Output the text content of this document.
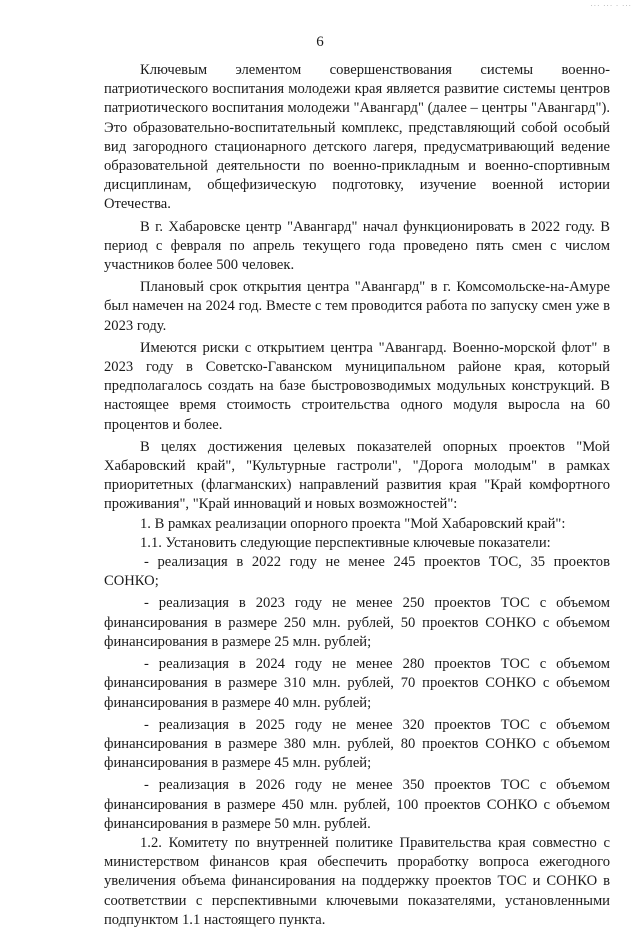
··· ··· · ···
6

Ключевым элементом совершенствования системы военно-патриотического воспитания молодежи края является развитие системы центров патриотического воспитания молодежи "Авангард" (далее – центры "Авангард"). Это образовательно-воспитательный комплекс, представляющий собой особый вид загородного стационарного детского лагеря, предусматривающий ведение образовательной деятельности по военно-прикладным и военно-спортивным дисциплинам, общефизическую подготовку, изучение военной истории Отечества.

В г. Хабаровске центр "Авангард" начал функционировать в 2022 году. В период с февраля по апрель текущего года проведено пять смен с числом участников более 500 человек.

Плановый срок открытия центра "Авангард" в г. Комсомольске-на-Амуре был намечен на 2024 год. Вместе с тем проводится работа по запуску смен уже в 2023 году.

Имеются риски с открытием центра "Авангард. Военно-морской флот" в 2023 году в Советско-Гаванском муниципальном районе края, который предполагалось создать на базе быстровозводимых модульных конструкций. В настоящее время стоимость строительства одного модуля выросла на 60 процентов и более.

В целях достижения целевых показателей опорных проектов "Мой Хабаровский край", "Культурные гастроли", "Дорога молодым" в рамках приоритетных (флагманских) направлений развития края "Край комфортного проживания", "Край инноваций и новых возможностей":

1. В рамках реализации опорного проекта "Мой Хабаровский край":

1.1. Установить следующие перспективные ключевые показатели:

- реализация в 2022 году не менее 245 проектов ТОС, 35 проектов СОНКО;

- реализация в 2023 году не менее 250 проектов ТОС с объемом финансирования в размере 250 млн. рублей, 50 проектов СОНКО с объемом финансирования в размере 25 млн. рублей;

- реализация в 2024 году не менее 280 проектов ТОС с объемом финансирования в размере 310 млн. рублей, 70 проектов СОНКО с объемом финансирования в размере 40 млн. рублей;

- реализация в 2025 году не менее 320 проектов ТОС с объемом финансирования в размере 380 млн. рублей, 80 проектов СОНКО с объемом финансирования в размере 45 млн. рублей;

- реализация в 2026 году не менее 350 проектов ТОС с объемом финансирования в размере 450 млн. рублей, 100 проектов СОНКО с объемом финансирования в размере 50 млн. рублей.

1.2. Комитету по внутренней политике Правительства края совместно с министерством финансов края обеспечить проработку вопроса ежегодного увеличения объема финансирования на поддержку проектов ТОС и СОНКО в соответствии с перспективными ключевыми показателями, установленными подпунктом 1.1 настоящего пункта.
